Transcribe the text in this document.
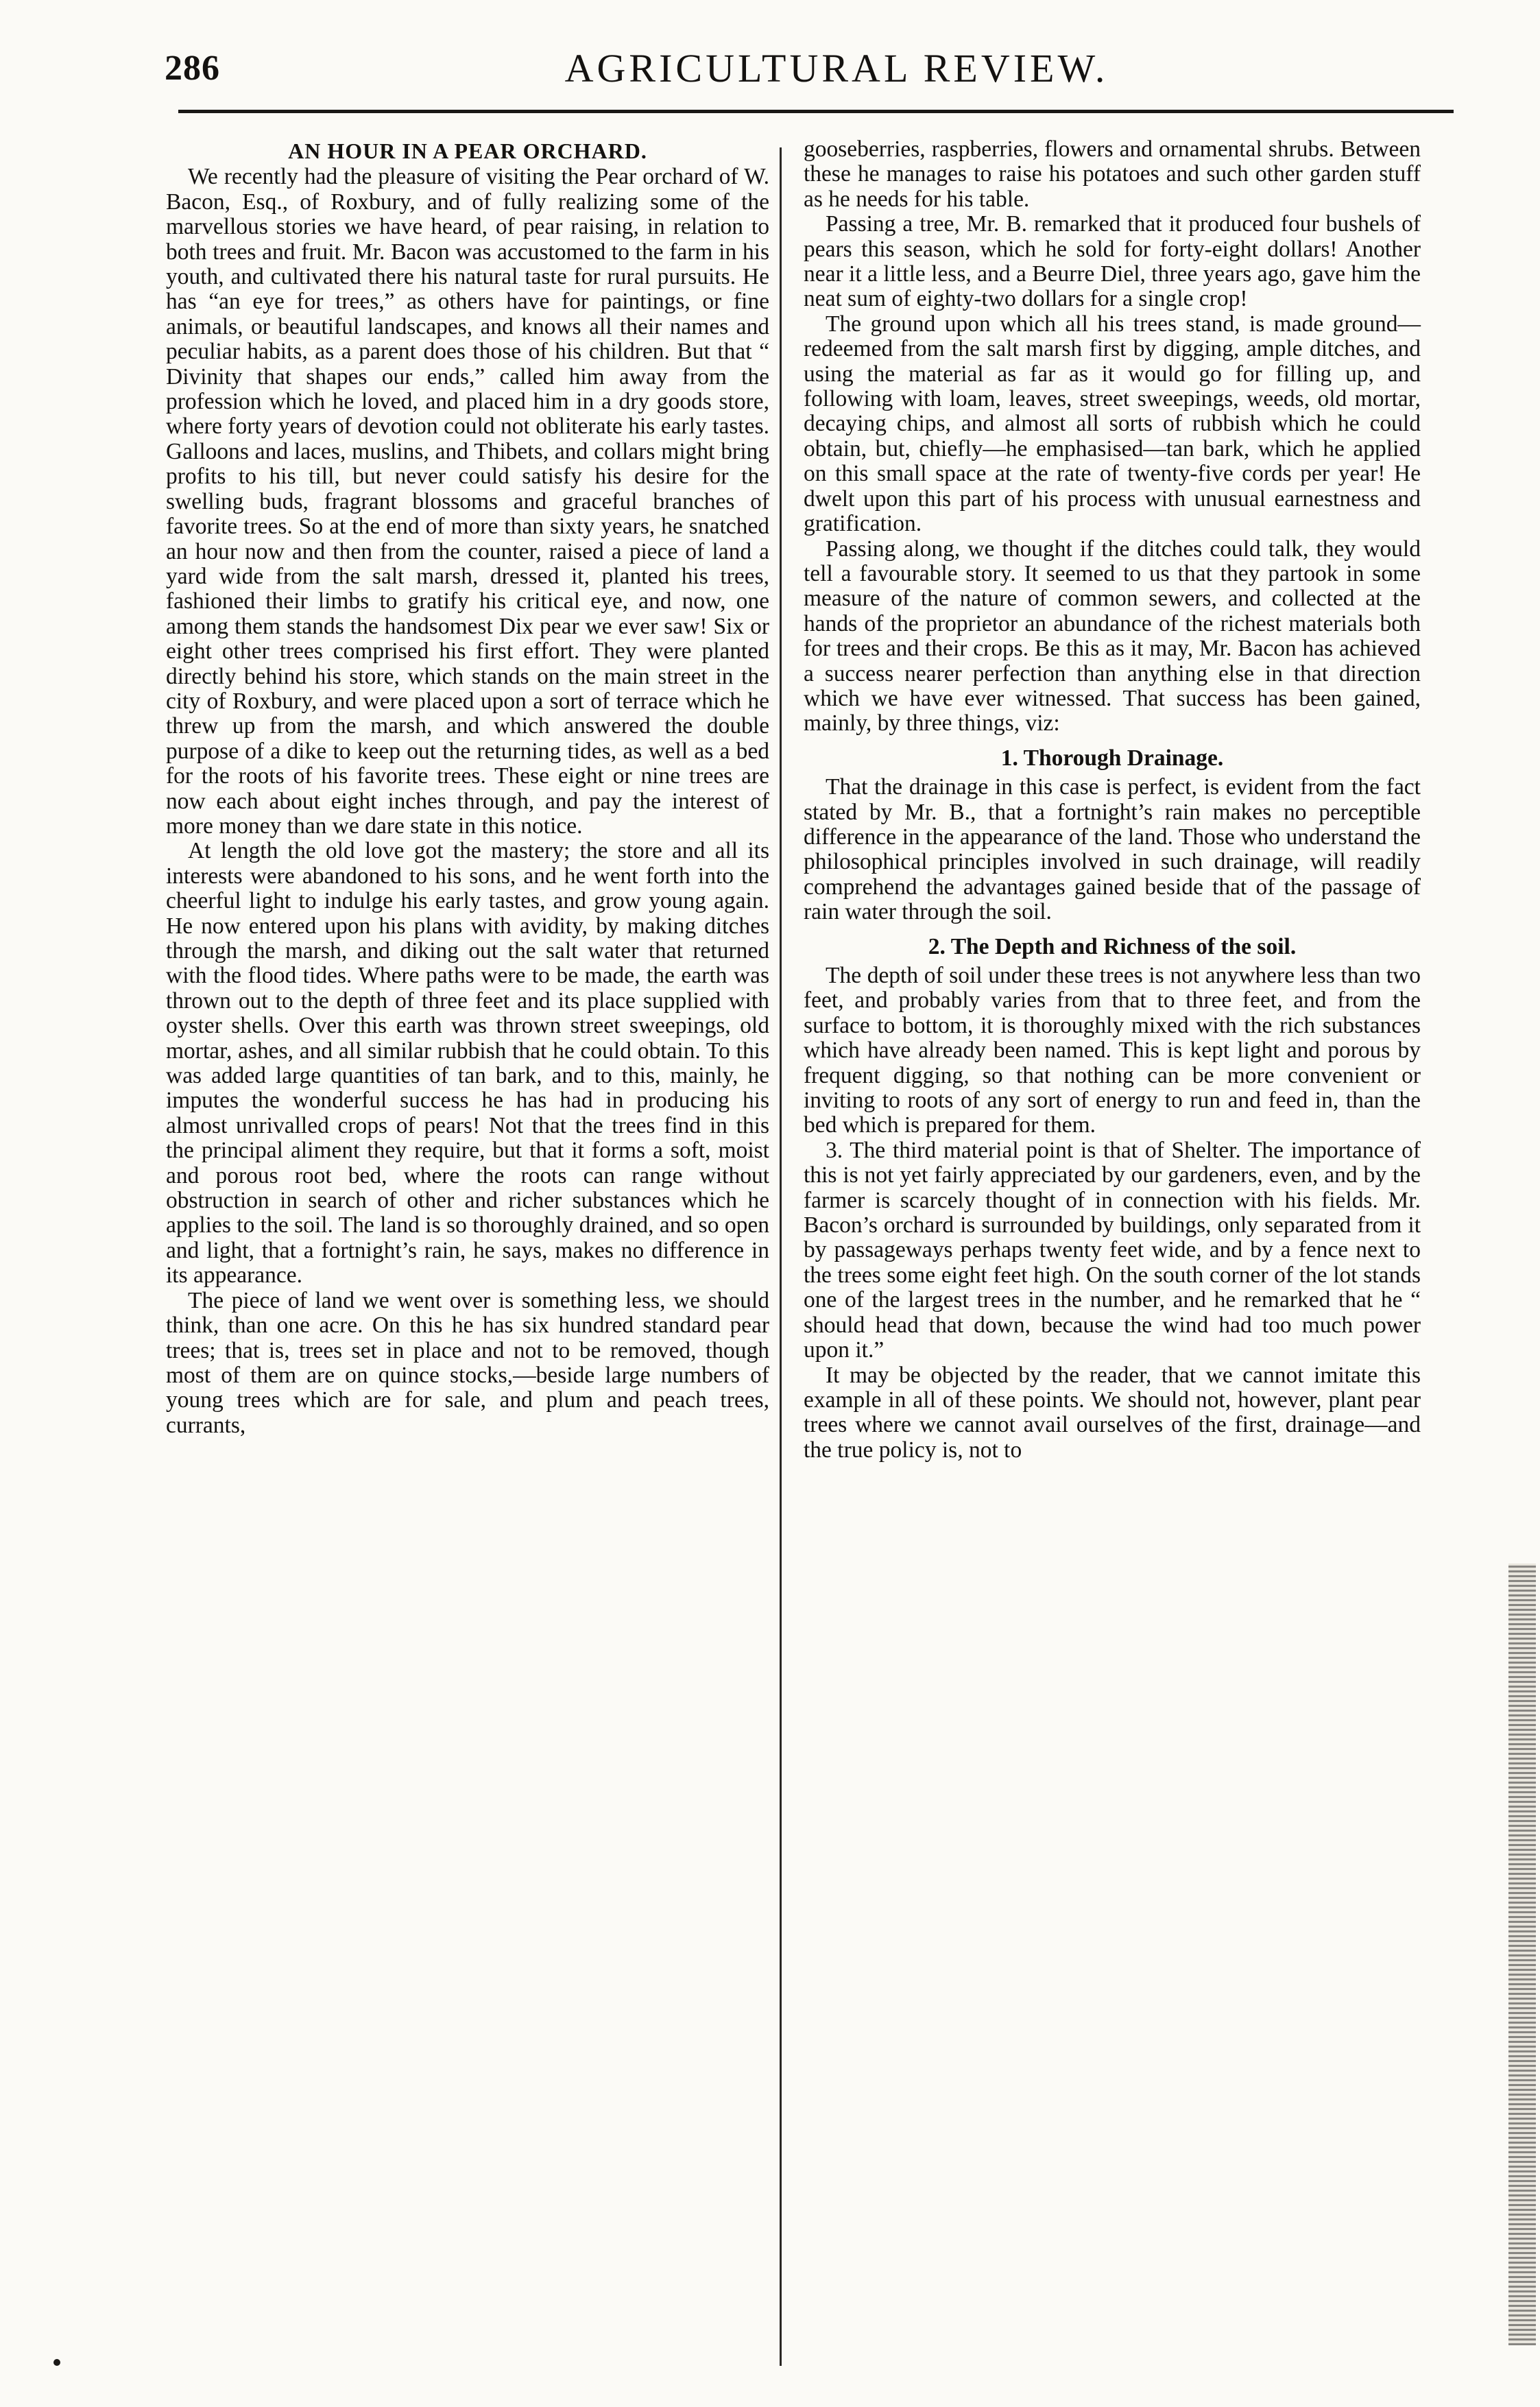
286	AGRICULTURAL REVIEW.
AN HOUR IN A PEAR ORCHARD.

We recently had the pleasure of visiting the Pear orchard of W. Bacon, Esq., of Roxbury, and of fully realizing some of the marvellous stories we have heard, of pear raising, in relation to both trees and fruit. Mr. Bacon was accustomed to the farm in his youth, and cultivated there his natural taste for rural pursuits. He has “an eye for trees,” as others have for paintings, or fine animals, or beautiful landscapes, and knows all their names and peculiar habits, as a parent does those of his children. But that “ Divinity that shapes our ends,” called him away from the profession which he loved, and placed him in a dry goods store, where forty years of devotion could not obliterate his early tastes. Galloons and laces, muslins, and Thibets, and collars might bring profits to his till, but never could satisfy his desire for the swelling buds, fragrant blossoms and graceful branches of favorite trees. So at the end of more than sixty years, he snatched an hour now and then from the counter, raised a piece of land a yard wide from the salt marsh, dressed it, planted his trees, fashioned their limbs to gratify his critical eye, and now, one among them stands the handsomest Dix pear we ever saw! Six or eight other trees comprised his first effort. They were planted directly behind his store, which stands on the main street in the city of Roxbury, and were placed upon a sort of terrace which he threw up from the marsh, and which answered the double purpose of a dike to keep out the returning tides, as well as a bed for the roots of his favorite trees. These eight or nine trees are now each about eight inches through, and pay the interest of more money than we dare state in this notice.

At length the old love got the mastery; the store and all its interests were abandoned to his sons, and he went forth into the cheerful light to indulge his early tastes, and grow young again. He now entered upon his plans with avidity, by making ditches through the marsh, and diking out the salt water that returned with the flood tides. Where paths were to be made, the earth was thrown out to the depth of three feet and its place supplied with oyster shells. Over this earth was thrown street sweepings, old mortar, ashes, and all similar rubbish that he could obtain. To this was added large quantities of tan bark, and to this, mainly, he imputes the wonderful success he has had in producing his almost unrivalled crops of pears! Not that the trees find in this the principal aliment they require, but that it forms a soft, moist and porous root bed, where the roots can range without obstruction in search of other and richer substances which he applies to the soil. The land is so thoroughly drained, and so open and light, that a fortnight’s rain, he says, makes no difference in its appearance.

The piece of land we went over is something less, we should think, than one acre. On this he has six hundred standard pear trees; that is, trees set in place and not to be removed, though most of them are on quince stocks,—beside large numbers of young trees which are for sale, and plum and peach trees, currants,

gooseberries, raspberries, flowers and ornamental shrubs. Between these he manages to raise his potatoes and such other garden stuff as he needs for his table.

Passing a tree, Mr. B. remarked that it produced four bushels of pears this season, which he sold for forty-eight dollars! Another near it a little less, and a Beurre Diel, three years ago, gave him the neat sum of eighty-two dollars for a single crop!

The ground upon which all his trees stand, is made ground—redeemed from the salt marsh first by digging, ample ditches, and using the material as far as it would go for filling up, and following with loam, leaves, street sweepings, weeds, old mortar, decaying chips, and almost all sorts of rubbish which he could obtain, but, chiefly—he emphasised—tan bark, which he applied on this small space at the rate of twenty-five cords per year! He dwelt upon this part of his process with unusual earnestness and gratification.

Passing along, we thought if the ditches could talk, they would tell a favourable story. It seemed to us that they partook in some measure of the nature of common sewers, and collected at the hands of the proprietor an abundance of the richest materials both for trees and their crops. Be this as it may, Mr. Bacon has achieved a success nearer perfection than anything else in that direction which we have ever witnessed. That success has been gained, mainly, by three things, viz:

1. Thorough Drainage.

That the drainage in this case is perfect, is evident from the fact stated by Mr. B., that a fortnight’s rain makes no perceptible difference in the appearance of the land. Those who understand the philosophical principles involved in such drainage, will readily comprehend the advantages gained beside that of the passage of rain water through the soil.

2. The Depth and Richness of the soil.

The depth of soil under these trees is not anywhere less than two feet, and probably varies from that to three feet, and from the surface to bottom, it is thoroughly mixed with the rich substances which have already been named. This is kept light and porous by frequent digging, so that nothing can be more convenient or inviting to roots of any sort of energy to run and feed in, than the bed which is prepared for them.

3. The third material point is that of Shelter. The importance of this is not yet fairly appreciated by our gardeners, even, and by the farmer is scarcely thought of in connection with his fields. Mr. Bacon’s orchard is surrounded by buildings, only separated from it by passageways perhaps twenty feet wide, and by a fence next to the trees some eight feet high. On the south corner of the lot stands one of the largest trees in the number, and he remarked that he “ should head that down, because the wind had too much power upon it.”

It may be objected by the reader, that we cannot imitate this example in all of these points. We should not, however, plant pear trees where we cannot avail ourselves of the first, drainage—and the true policy is, not to
